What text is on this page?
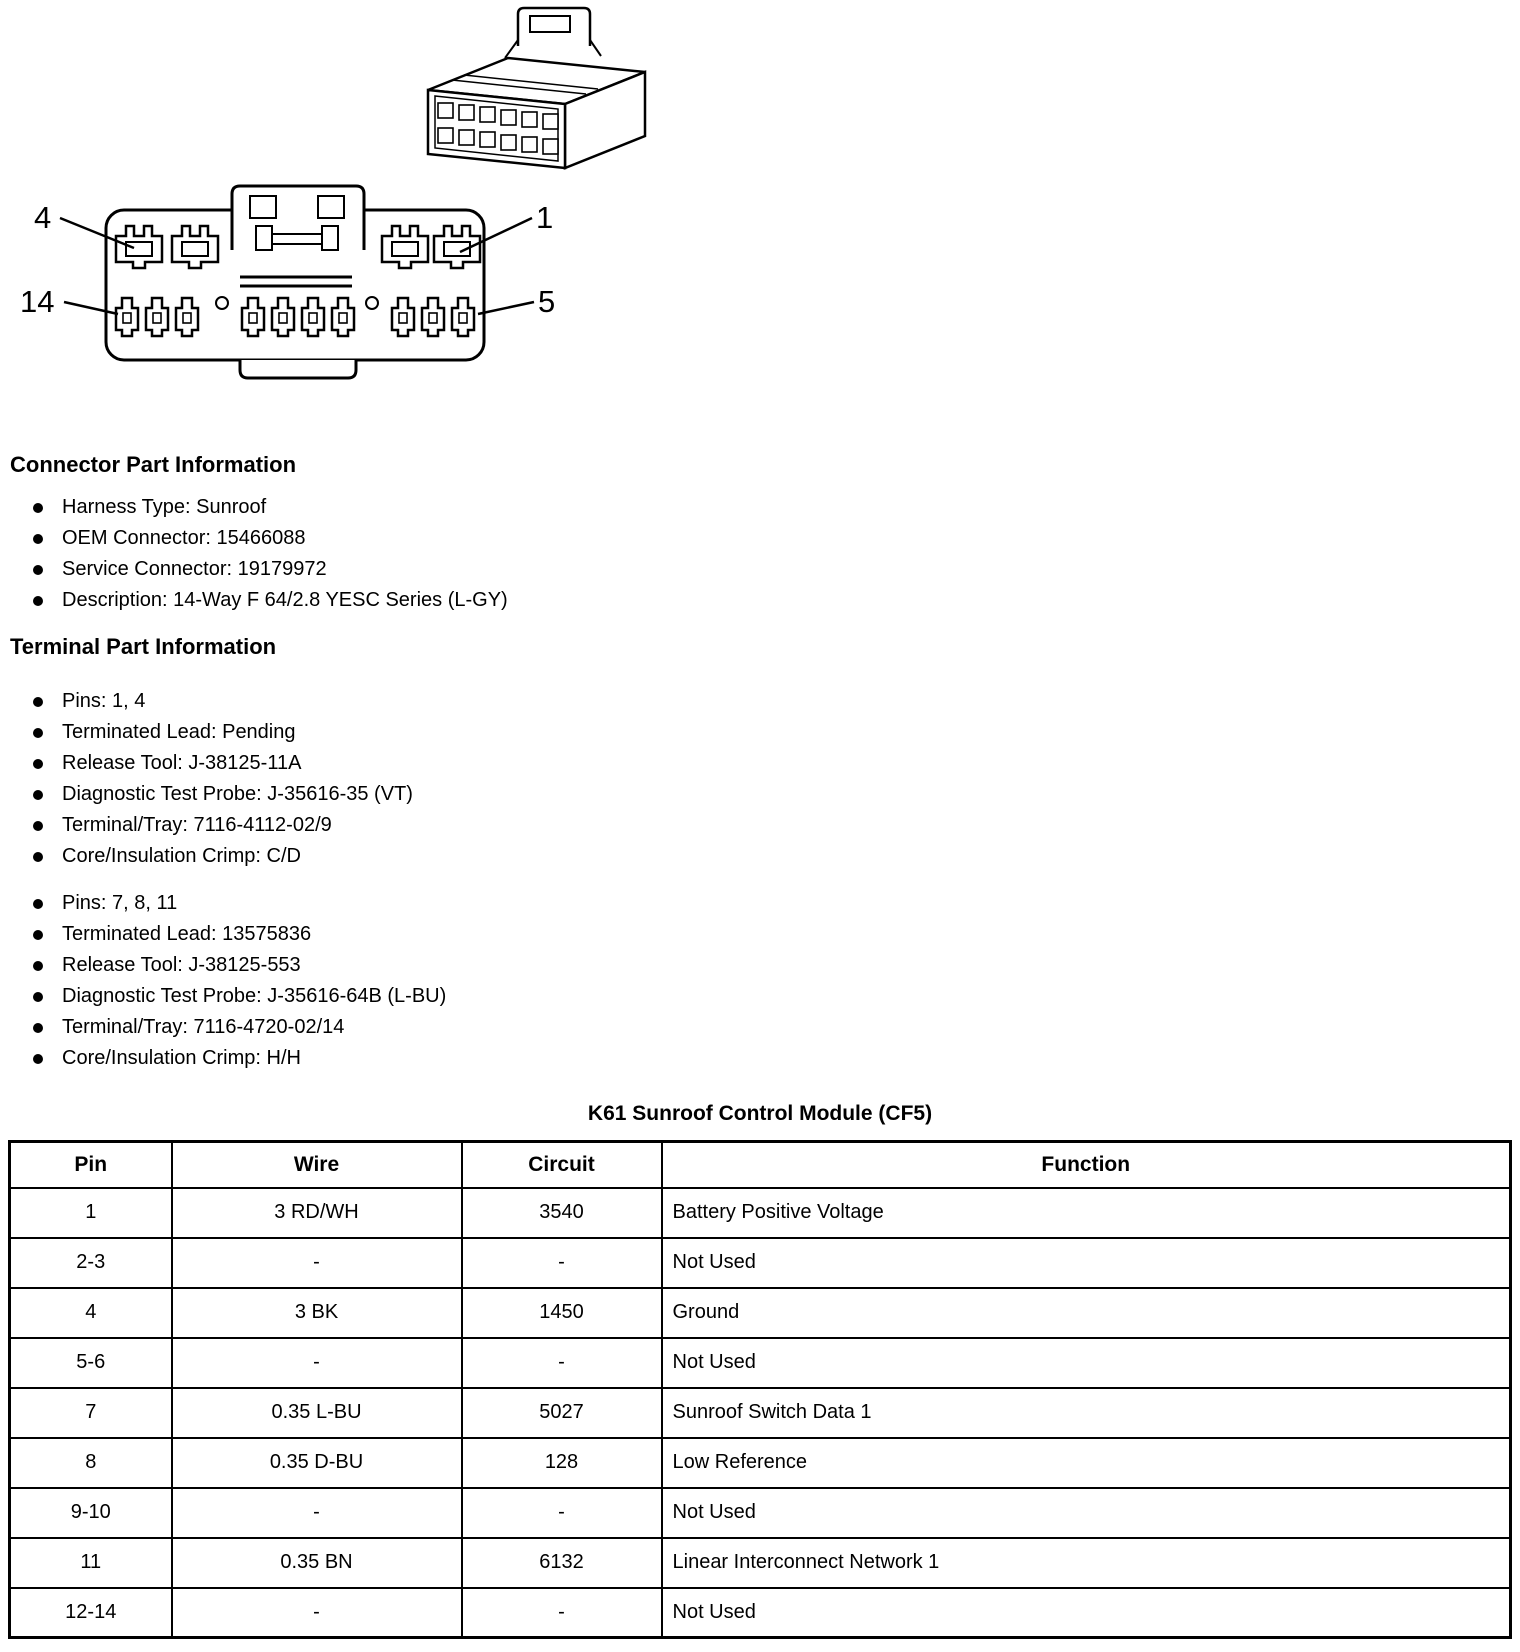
4	1
14	5
Connector Part Information
Harness Type: Sunroof
OEM Connector: 15466088
Service Connector: 19179972
Description: 14-Way F 64/2.8 YESC Series (L-GY)
Terminal Part Information
Pins: 1, 4
Terminated Lead: Pending
Release Tool: J-38125-11A
Diagnostic Test Probe: J-35616-35 (VT)
Terminal/Tray: 7116-4112-02/9
Core/Insulation Crimp: C/D
Pins: 7, 8, 11
Terminated Lead: 13575836
Release Tool: J-38125-553
Diagnostic Test Probe: J-35616-64B (L-BU)
Terminal/Tray: 7116-4720-02/14
Core/Insulation Crimp: H/H
K61 Sunroof Control Module (CF5)
Pin	Wire	Circuit	Function
1	3 RD/WH	3540	Battery Positive Voltage
2-3	-	-	Not Used
4	3 BK	1450	Ground
5-6	-	-	Not Used
7	0.35 L-BU	5027	Sunroof Switch Data 1
8	0.35 D-BU	128	Low Reference
9-10	-	-	Not Used
11	0.35 BN	6132	Linear Interconnect Network 1
12-14	-	-	Not Used
